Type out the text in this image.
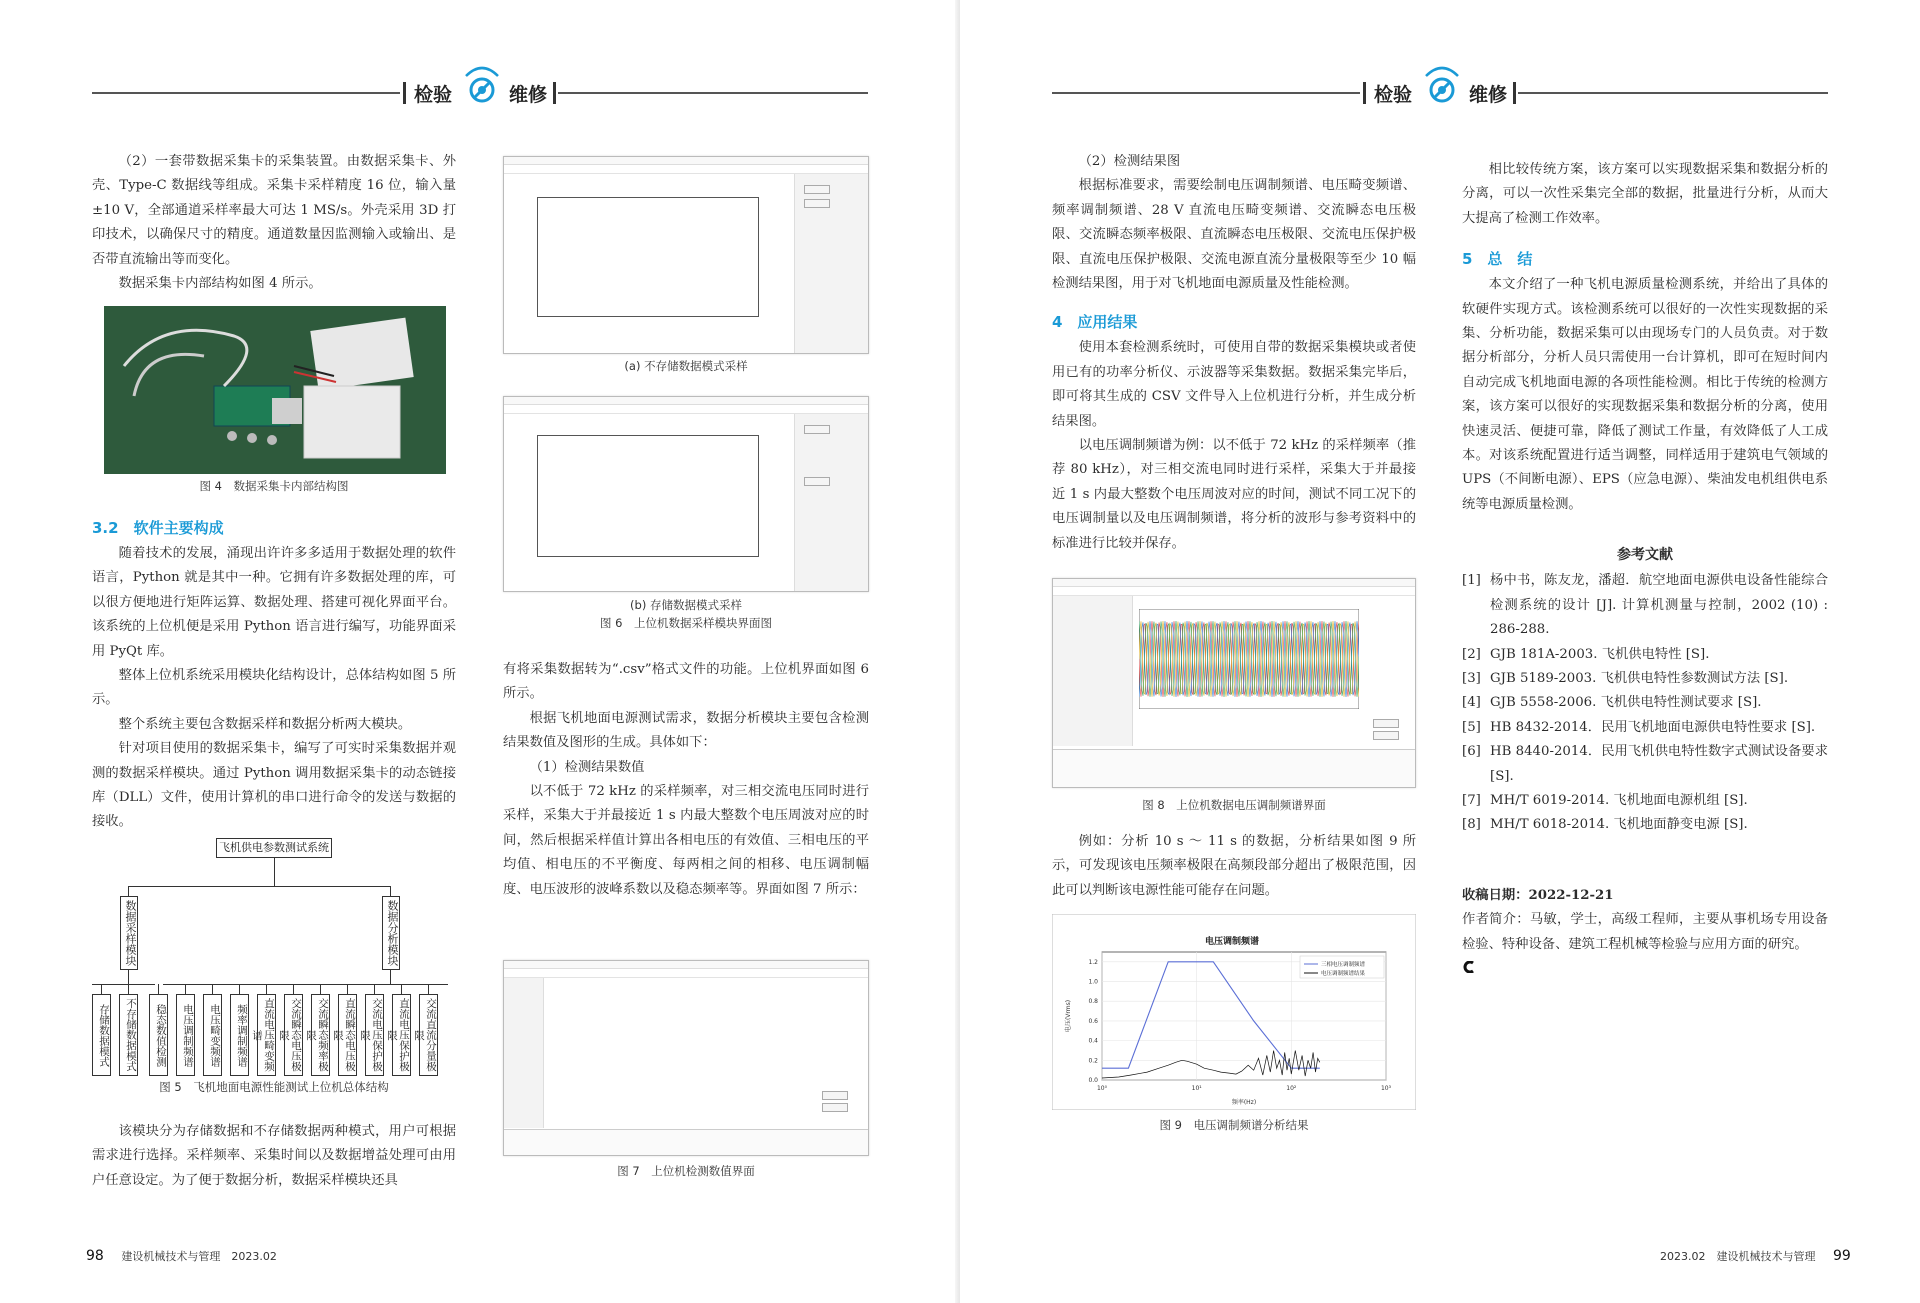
检验	维修

（2）一套带数据采集卡的采集装置。由数据采集卡、外壳、Type-C 数据线等组成。采集卡采样精度 16 位，输入量 ±10 V，全部通道采样率最大可达 1 MS/s。外壳采用 3D 打印技术，以确保尺寸的精度。通道数量因监测输入或输出、是否带直流输出等而变化。

数据采集卡内部结构如图 4 所示。

图 4　数据采集卡内部结构图

3.2　软件主要构成

随着技术的发展，涌现出许许多多适用于数据处理的软件语言，Python 就是其中一种。它拥有许多数据处理的库，可以很方便地进行矩阵运算、数据处理、搭建可视化界面平台。该系统的上位机便是采用 Python 语言进行编写，功能界面采用 PyQt 库。

整体上位机系统采用模块化结构设计，总体结构如图 5 所示。

整个系统主要包含数据采样和数据分析两大模块。

针对项目使用的数据采集卡，编写了可实时采集数据并观测的数据采样模块。通过 Python 调用数据采集卡的动态链接库（DLL）文件，使用计算机的串口进行命令的发送与数据的接收。

飞机供电参数测试系统
数据采样模块	数据分析模块
存储数据模式	不存储数据模式	稳态数值检测	电压调制频谱	电压畸变频谱	频率调制频谱	直流电压畸变频谱	交流瞬态电压极限	交流瞬态频率极限	直流瞬态电压极限	交流电压保护极限	直流电压保护极限	交流直流分量极限
图 5　飞机地面电源性能测试上位机总体结构

该模块分为存储数据和不存储数据两种模式，用户可根据需求进行选择。采样频率、采集时间以及数据增益处理可由用户任意设定。为了便于数据分析，数据采样模块还具

(a) 不存储数据模式采样
(b) 存储数据模式采样
图 6　上位机数据采样模块界面图

有将采集数据转为“.csv”格式文件的功能。上位机界面如图 6 所示。

根据飞机地面电源测试需求，数据分析模块主要包含检测结果数值及图形的生成。具体如下：

（1）检测结果数值

以不低于 72 kHz 的采样频率，对三相交流电压同时进行采样，采集大于并最接近 1 s 内最大整数个电压周波对应的时间，然后根据采样值计算出各相电压的有效值、三相电压的平均值、相电压的不平衡度、每两相之间的相移、电压调制幅度、电压波形的波峰系数以及稳态频率等。界面如图 7 所示：

图 7　上位机检测数值界面
98 建设机械技术与管理　2023.02
检验	维修

（2）检测结果图

根据标准要求，需要绘制电压调制频谱、电压畸变频谱、频率调制频谱、28 V 直流电压畸变频谱、交流瞬态电压极限、交流瞬态频率极限、直流瞬态电压极限、交流电压保护极限、直流电压保护极限、交流电源直流分量极限等至少 10 幅检测结果图，用于对飞机地面电源质量及性能检测。

4　应用结果

使用本套检测系统时，可使用自带的数据采集模块或者使用已有的功率分析仪、示波器等采集数据。数据采集完毕后，即可将其生成的 CSV 文件导入上位机进行分析，并生成分析结果图。

以电压调制频谱为例：以不低于 72 kHz 的采样频率（推荐 80 kHz），对三相交流电同时进行采样，采集大于并最接近 1 s 内最大整数个电压周波对应的时间，测试不同工况下的电压调制量以及电压调制频谱，将分析的波形与参考资料中的标准进行比较并保存。

图 8　上位机数据电压调制频谱界面

例如：分析 10 s ～ 11 s 的数据，分析结果如图 9 所示，可发现该电压频率极限在高频段部分超出了极限范围，因此可以判断该电源性能可能存在问题。

电压调制频谱
0.0
0.2
0.4
0.6
0.8
1.0
1.2
10⁰	10¹	10²	10³
三相电压调制频谱
电压调制频谱结果
频率(Hz)
电压(Vrms)
图 9　电压调制频谱分析结果

相比较传统方案，该方案可以实现数据采集和数据分析的分离，可以一次性采集完全部的数据，批量进行分析，从而大大提高了检测工作效率。

5　总　结

本文介绍了一种飞机电源质量检测系统，并给出了具体的软硬件实现方式。该检测系统可以很好的一次性实现数据的采集、分析功能，数据采集可以由现场专门的人员负责。对于数据分析部分，分析人员只需使用一台计算机，即可在短时间内自动完成飞机地面电源的各项性能检测。相比于传统的检测方案，该方案可以很好的实现数据采集和数据分析的分离，使用快速灵活、便捷可靠，降低了测试工作量，有效降低了人工成本。对该系统配置进行适当调整，同样适用于建筑电气领域的 UPS（不间断电源）、EPS（应急电源）、柴油发电机组供电系统等电源质量检测。

参考文献
[1] 杨中书，陈友龙，潘超．航空地面电源供电设备性能综合检测系统的设计 [J]. 计算机测量与控制，2002 (10) : 286-288.
[2] GJB 181A-2003. 飞机供电特性 [S].
[3] GJB 5189-2003. 飞机供电特性参数测试方法 [S].
[4] GJB 5558-2006. 飞机供电特性测试要求 [S].
[5] HB 8432-2014．民用飞机地面电源供电特性要求 [S].
[6] HB 8440-2014．民用飞机供电特性数字式测试设备要求 [S].
[7] MH/T 6019-2014. 飞机地面电源机组 [S].
[8] MH/T 6018-2014. 飞机地面静变电源 [S].

收稿日期：2022-12-21

作者简介：马敏，学士，高级工程师，主要从事机场专用设备检验、特种设备、建筑工程机械等检验与应用方面的研究。

2023.02　建设机械技术与管理 99
